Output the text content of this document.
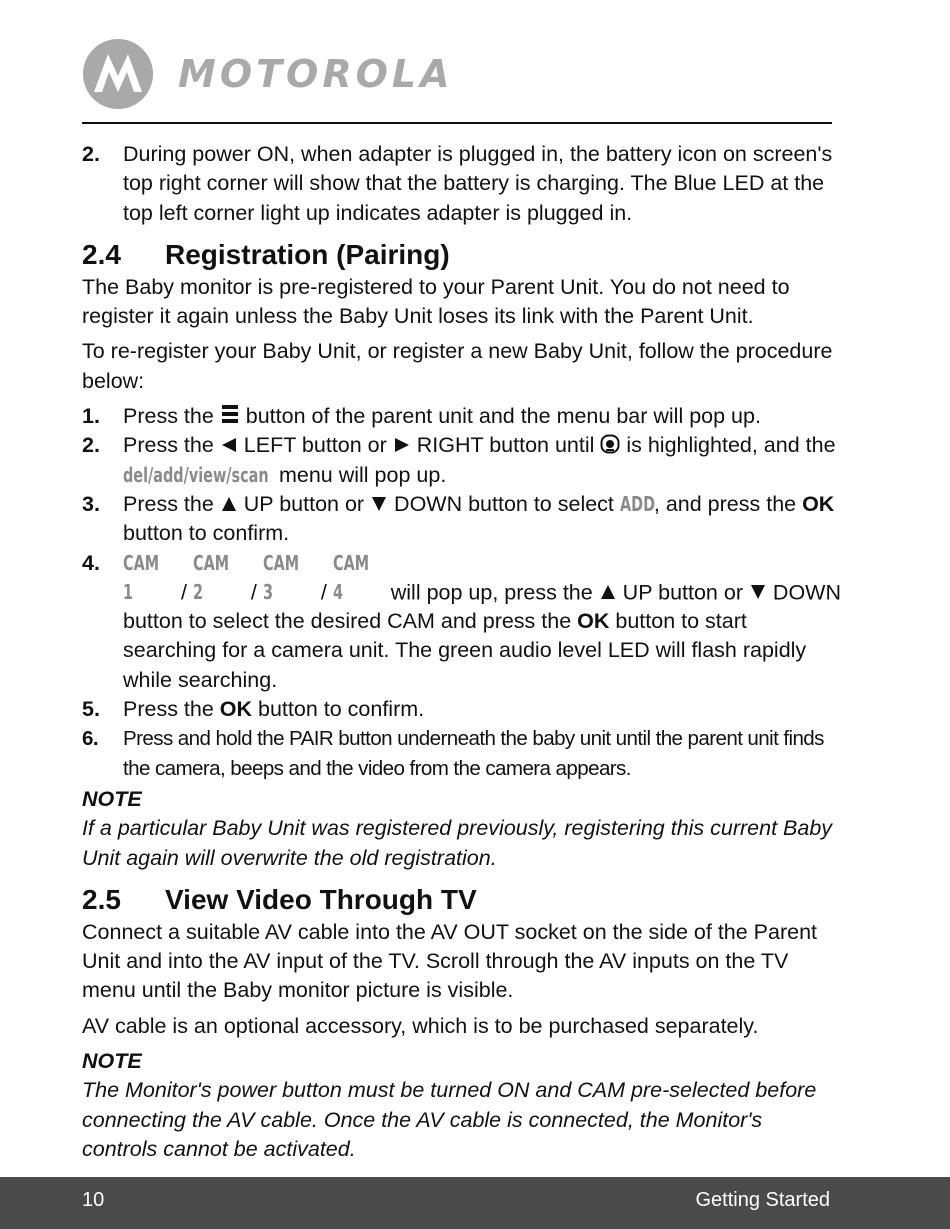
MOTOROLA
2. During power ON, when adapter is plugged in, the battery icon on screen's top right corner will show that the battery is charging. The Blue LED at the top left corner light up indicates adapter is plugged in.
2.4 Registration (Pairing)

The Baby monitor is pre-registered to your Parent Unit. You do not need to register it again unless the Baby Unit loses its link with the Parent Unit.

To re-register your Baby Unit, or register a new Baby Unit, follow the procedure below:

1. Press the  button of the parent unit and the menu bar will pop up.
2. Press the  LEFT button or  RIGHT button until  is highlighted, and the del/add/view/scan menu will pop up.
3. Press the  UP button or  DOWN button to select ADD, and press the OK button to confirm.
4. CAM 1 / CAM 2 / CAM 3 / CAM 4 will pop up, press the  UP button or  DOWN button to select the desired CAM and press the OK button to start searching for a camera unit. The green audio level LED will flash rapidly while searching.
5. Press the OK button to confirm.
6. Press and hold the PAIR button underneath the baby unit until the parent unit finds the camera, beeps and the video from the camera appears.

NOTE

If a particular Baby Unit was registered previously, registering this current Baby Unit again will overwrite the old registration.

2.5 View Video Through TV

Connect a suitable AV cable into the AV OUT socket on the side of the Parent Unit and into the AV input of the TV. Scroll through the AV inputs on the TV menu until the Baby monitor picture is visible.

AV cable is an optional accessory, which is to be purchased separately.

NOTE

The Monitor's power button must be turned ON and CAM pre-selected before connecting the AV cable. Once the AV cable is connected, the Monitor's controls cannot be activated.

10	Getting Started
